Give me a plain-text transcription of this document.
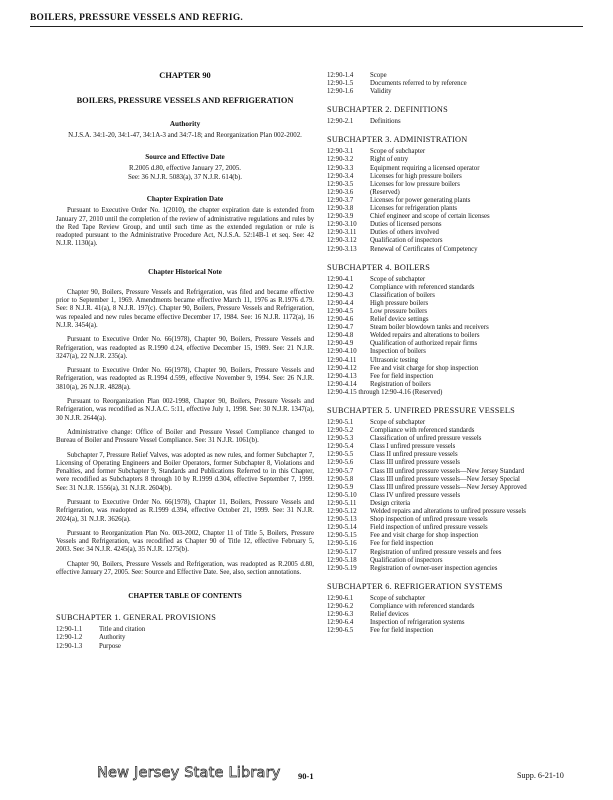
BOILERS, PRESSURE VESSELS AND REFRIG.
CHAPTER 90
BOILERS, PRESSURE VESSELS AND REFRIGERATION
Authority

N.J.S.A. 34:1-20, 34:1-47, 34:1A-3 and 34:7-18; and Reorganization Plan 002-2002.

Source and Effective Date

R.2005 d.80, effective January 27, 2005.

See: 36 N.J.R. 5083(a), 37 N.J.R. 614(b).

Chapter Expiration Date

Pursuant to Executive Order No. 1(2010), the chapter expiration date is extended from January 27, 2010 until the completion of the review of administrative regulations and rules by the Red Tape Review Group, and until such time as the extended regulation or rule is readopted pursuant to the Administrative Procedure Act, N.J.S.A. 52:14B-1 et seq. See: 42 N.J.R. 1130(a).

Chapter Historical Note

Chapter 90, Boilers, Pressure Vessels and Refrigeration, was filed and became effective prior to September 1, 1969. Amendments became effective March 11, 1976 as R.1976 d.79. See: 8 N.J.R. 41(a), 8 N.J.R. 197(c). Chapter 90, Boilers, Pressure Vessels and Refrigeration, was repealed and new rules became effective December 17, 1984. See: 16 N.J.R. 1172(a), 16 N.J.R. 3454(a).

Pursuant to Executive Order No. 66(1978), Chapter 90, Boilers, Pressure Vessels and Refrigeration, was readopted as R.1990 d.24, effective December 15, 1989. See: 21 N.J.R. 3247(a), 22 N.J.R. 235(a).

Pursuant to Executive Order No. 66(1978), Chapter 90, Boilers, Pressure Vessels and Refrigeration, was readopted as R.1994 d.599, effective November 9, 1994. See: 26 N.J.R. 3810(a), 26 N.J.R. 4828(a).

Pursuant to Reorganization Plan 002-1998, Chapter 90, Boilers, Pressure Vessels and Refrigeration, was recodified as N.J.A.C. 5:11, effective July 1, 1998. See: 30 N.J.R. 1347(a), 30 N.J.R. 2644(a).

Administrative change: Office of Boiler and Pressure Vessel Compliance changed to Bureau of Boiler and Pressure Vessel Compliance. See: 31 N.J.R. 1061(b).

Subchapter 7, Pressure Relief Valves, was adopted as new rules, and former Subchapter 7, Licensing of Operating Engineers and Boiler Operators, former Subchapter 8, Violations and Penalties, and former Subchapter 9, Standards and Publications Referred to in this Chapter, were recodified as Subchapters 8 through 10 by R.1999 d.304, effective September 7, 1999. See: 31 N.J.R. 1556(a), 31 N.J.R. 2604(b).

Pursuant to Executive Order No. 66(1978), Chapter 11, Boilers, Pressure Vessels and Refrigeration, was readopted as R.1999 d.394, effective October 21, 1999. See: 31 N.J.R. 2024(a), 31 N.J.R. 3626(a).

Pursuant to Reorganization Plan No. 003-2002, Chapter 11 of Title 5, Boilers, Pressure Vessels and Refrigeration, was recodified as Chapter 90 of Title 12, effective February 5, 2003. See: 34 N.J.R. 4245(a), 35 N.J.R. 1275(b).

Chapter 90, Boilers, Pressure Vessels and Refrigeration, was readopted as R.2005 d.80, effective January 27, 2005. See: Source and Effective Date. See, also, section annotations.

CHAPTER TABLE OF CONTENTS
SUBCHAPTER 1. GENERAL PROVISIONS
12:90-1.1	Title and citation
12:90-1.2	Authority
12:90-1.3	Purpose
12:90-1.4	Scope
12:90-1.5	Documents referred to by reference
12:90-1.6	Validity
SUBCHAPTER 2. DEFINITIONS
12:90-2.1	Definitions
SUBCHAPTER 3. ADMINISTRATION
12:90-3.1	Scope of subchapter
12:90-3.2	Right of entry
12:90-3.3	Equipment requiring a licensed operator
12:90-3.4	Licenses for high pressure boilers
12:90-3.5	Licenses for low pressure boilers
12:90-3.6	(Reserved)
12:90-3.7	Licenses for power generating plants
12:90-3.8	Licenses for refrigeration plants
12:90-3.9	Chief engineer and scope of certain licenses
12:90-3.10	Duties of licensed persons
12:90-3.11	Duties of others involved
12:90-3.12	Qualification of inspectors
12:90-3.13	Renewal of Certificates of Competency
SUBCHAPTER 4. BOILERS
12:90-4.1	Scope of subchapter
12:90-4.2	Compliance with referenced standards
12:90-4.3	Classification of boilers
12:90-4.4	High pressure boilers
12:90-4.5	Low pressure boilers
12:90-4.6	Relief device settings
12:90-4.7	Steam boiler blowdown tanks and receivers
12:90-4.8	Welded repairs and alterations to boilers
12:90-4.9	Qualification of authorized repair firms
12:90-4.10	Inspection of boilers
12:90-4.11	Ultrasonic testing
12:90-4.12	Fee and visit charge for shop inspection
12:90-4.13	Fee for field inspection
12:90-4.14	Registration of boilers
12:90-4.15 through 12:90-4.16 (Reserved)
SUBCHAPTER 5. UNFIRED PRESSURE VESSELS
12:90-5.1	Scope of subchapter
12:90-5.2	Compliance with referenced standards
12:90-5.3	Classification of unfired pressure vessels
12:90-5.4	Class I unfired pressure vessels
12:90-5.5	Class II unfired pressure vessels
12:90-5.6	Class III unfired pressure vessels
12:90-5.7	Class III unfired pressure vessels—New Jersey Standard
12:90-5.8	Class III unfired pressure vessels—New Jersey Special
12:90-5.9	Class III unfired pressure vessels—New Jersey Approved
12:90-5.10	Class IV unfired pressure vessels
12:90-5.11	Design criteria
12:90-5.12	Welded repairs and alterations to unfired pressure vessels
12:90-5.13	Shop inspection of unfired pressure vessels
12:90-5.14	Field inspection of unfired pressure vessels
12:90-5.15	Fee and visit charge for shop inspection
12:90-5.16	Fee for field inspection
12:90-5.17	Registration of unfired pressure vessels and fees
12:90-5.18	Qualification of inspectors
12:90-5.19	Registration of owner-user inspection agencies
SUBCHAPTER 6. REFRIGERATION SYSTEMS
12:90-6.1	Scope of subchapter
12:90-6.2	Compliance with referenced standards
12:90-6.3	Relief devices
12:90-6.4	Inspection of refrigeration systems
12:90-6.5	Fee for field inspection
New Jersey State Library 90-1	Supp. 6-21-10
